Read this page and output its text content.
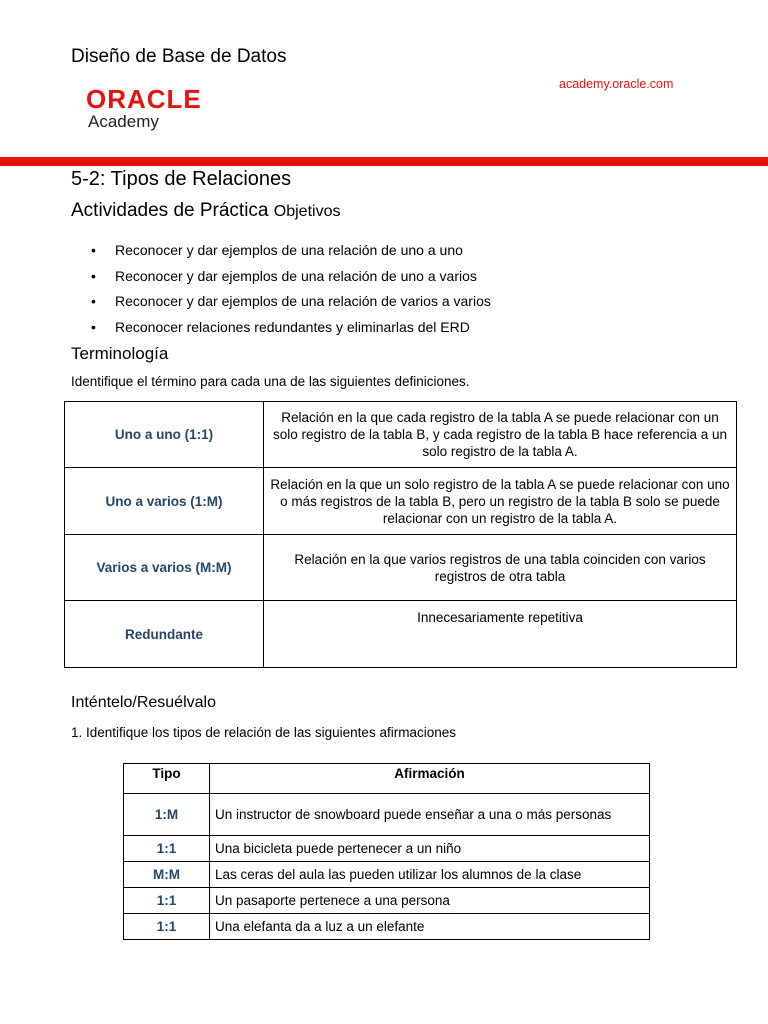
Diseño de Base de Datos
academy.oracle.com
ORACLE
Academy
5-2: Tipos de Relaciones
Actividades de Práctica Objetivos
• Reconocer y dar ejemplos de una relación de uno a uno
• Reconocer y dar ejemplos de una relación de uno a varios
• Reconocer y dar ejemplos de una relación de varios a varios
• Reconocer relaciones redundantes y eliminarlas del ERD
Terminología
Identifique el término para cada una de las siguientes definiciones.
Uno a uno (1:1)	Relación en la que cada registro de la tabla A se puede relacionar con un solo registro de la tabla B, y cada registro de la tabla B hace referencia a un solo registro de la tabla A.
Uno a varios (1:M)	Relación en la que un solo registro de la tabla A se puede relacionar con uno o más registros de la tabla B, pero un registro de la tabla B solo se puede relacionar con un registro de la tabla A.
Varios a varios (M:M)	Relación en la que varios registros de una tabla coinciden con varios registros de otra tabla
Redundante	Innecesariamente repetitiva
Inténtelo/Resuélvalo
1. Identifique los tipos de relación de las siguientes afirmaciones
Tipo	Afirmación
1:M	Un instructor de snowboard puede enseñar a una o más personas
1:1	Una bicicleta puede pertenecer a un niño
M:M	Las ceras del aula las pueden utilizar los alumnos de la clase
1:1	Un pasaporte pertenece a una persona
1:1	Una elefanta da a luz a un elefante
